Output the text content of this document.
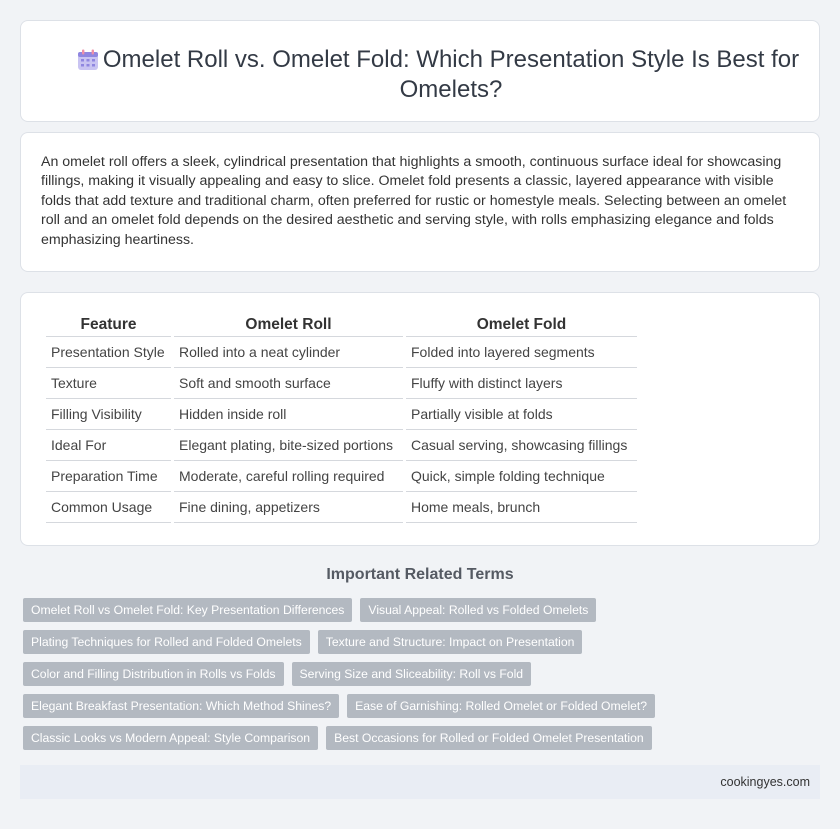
Omelet Roll vs. Omelet Fold: Which Presentation Style Is Best for Omelets?

An omelet roll offers a sleek, cylindrical presentation that highlights a smooth, continuous surface ideal for showcasing fillings, making it visually appealing and easy to slice. Omelet fold presents a classic, layered appearance with visible folds that add texture and traditional charm, often preferred for rustic or homestyle meals. Selecting between an omelet roll and an omelet fold depends on the desired aesthetic and serving style, with rolls emphasizing elegance and folds emphasizing heartiness.

Feature	Omelet Roll	Omelet Fold
Presentation Style	Rolled into a neat cylinder	Folded into layered segments
Texture	Soft and smooth surface	Fluffy with distinct layers
Filling Visibility	Hidden inside roll	Partially visible at folds
Ideal For	Elegant plating, bite-sized portions	Casual serving, showcasing fillings
Preparation Time	Moderate, careful rolling required	Quick, simple folding technique
Common Usage	Fine dining, appetizers	Home meals, brunch
Important Related Terms
Omelet Roll vs Omelet Fold: Key Presentation Differences	Visual Appeal: Rolled vs Folded Omelets
Plating Techniques for Rolled and Folded Omelets	Texture and Structure: Impact on Presentation
Color and Filling Distribution in Rolls vs Folds	Serving Size and Sliceability: Roll vs Fold
Elegant Breakfast Presentation: Which Method Shines?	Ease of Garnishing: Rolled Omelet or Folded Omelet?
Classic Looks vs Modern Appeal: Style Comparison	Best Occasions for Rolled or Folded Omelet Presentation
cookingyes.com
